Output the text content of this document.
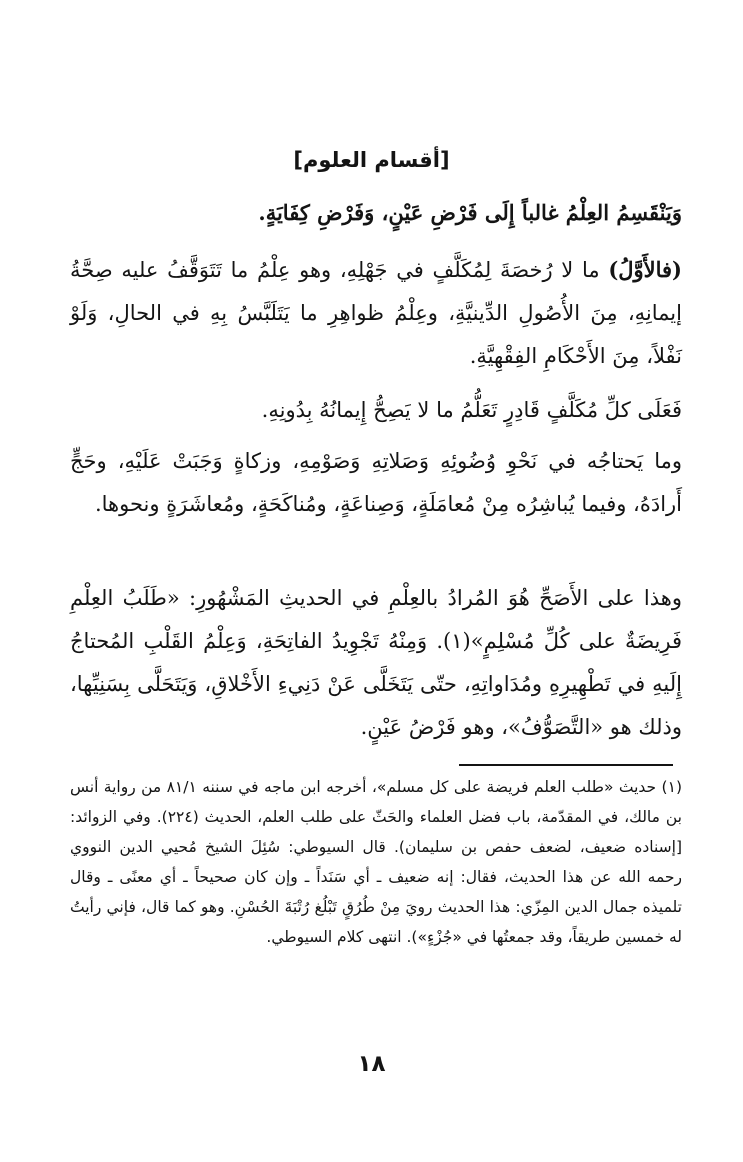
[أقسام العلوم]

وَيَنْقَسِمُ العِلْمُ غالباً إِلَى فَرْضِ عَيْنٍ، وَفَرْضِ كِفَايَةٍ.

(فالأَوَّلُ) ما لا رُخصَةَ لِمُكَلَّفٍ في جَهْلِهِ، وهو عِلْمُ ما تَتَوَقَّفُ عليه صِحَّةُ إيمانِهِ، مِنَ الأُصُولِ الدِّينيَّةِ، وعِلْمُ ظواهِرِ ما يَتَلَبَّسُ بِهِ في الحالِ، وَلَوْ نَفْلاً، مِنَ الأَحْكَامِ الفِقْهِيَّةِ.

فَعَلَى كلِّ مُكَلَّفٍ قَادِرٍ تَعَلُّمُ ما لا يَصِحُّ إِيمانُهُ بِدُونِهِ.

وما يَحتاجُه في نَحْوِ وُضُوئِهِ وَصَلاتِهِ وَصَوْمِهِ، وزكاةٍ وَجَبَتْ عَلَيْهِ، وحَجٍّ أَرادَهُ، وفيما يُباشِرُه مِنْ مُعامَلَةٍ، وَصِناعَةٍ، ومُناكَحَةٍ، ومُعاشَرَةٍ ونحوها.

وهذا على الأَصَحِّ هُوَ المُرادُ بالعِلْمِ في الحديثِ المَشْهُورِ: «طَلَبُ العِلْمِ فَرِيضَةٌ على كُلِّ مُسْلِمٍ»(١). وَمِنْهُ تَجْوِيدُ الفاتِحَةِ، وَعِلْمُ القَلْبِ المُحتاجُ إِلَيهِ في تَطْهِيرِهِ ومُدَاواتِهِ، حتّى يَتَخَلَّى عَنْ دَنِيءِ الأَخْلاقِ، وَيَتَحَلَّى بِسَنِيِّها، وذلك هو «التَّصَوُّفُ»، وهو فَرْضُ عَيْنٍ.

(١) حديث «طلب العلم فريضة على كل مسلم»، أخرجه ابن ماجه في سننه ٨١/١ من رواية أنس بن مالك، في المقدّمة، باب فضل العلماء والحَثّ على طلب العلم، الحديث (٢٢٤). وفي الزوائد: [إسناده ضعيف، لضعف حفص بن سليمان). قال السيوطي: سُئِلَ الشيخ مُحيي الدين النووي رحمه الله عن هذا الحديث، فقال: إنه ضعيف ـ أي سَنَداً ـ وإن كان صحيحاً ـ أي معنًى ـ وقال تلميذه جمال الدين المِزّي: هذا الحديث رويَ مِنْ طُرُقٍ تَبْلُغ رُتْبَةَ الحُسْنِ. وهو كما قال، فإني رأيتُ له خمسين طريقاً، وقد جمعتُها في «جُزْءٍ»). انتهى كلام السيوطي.

١٨
